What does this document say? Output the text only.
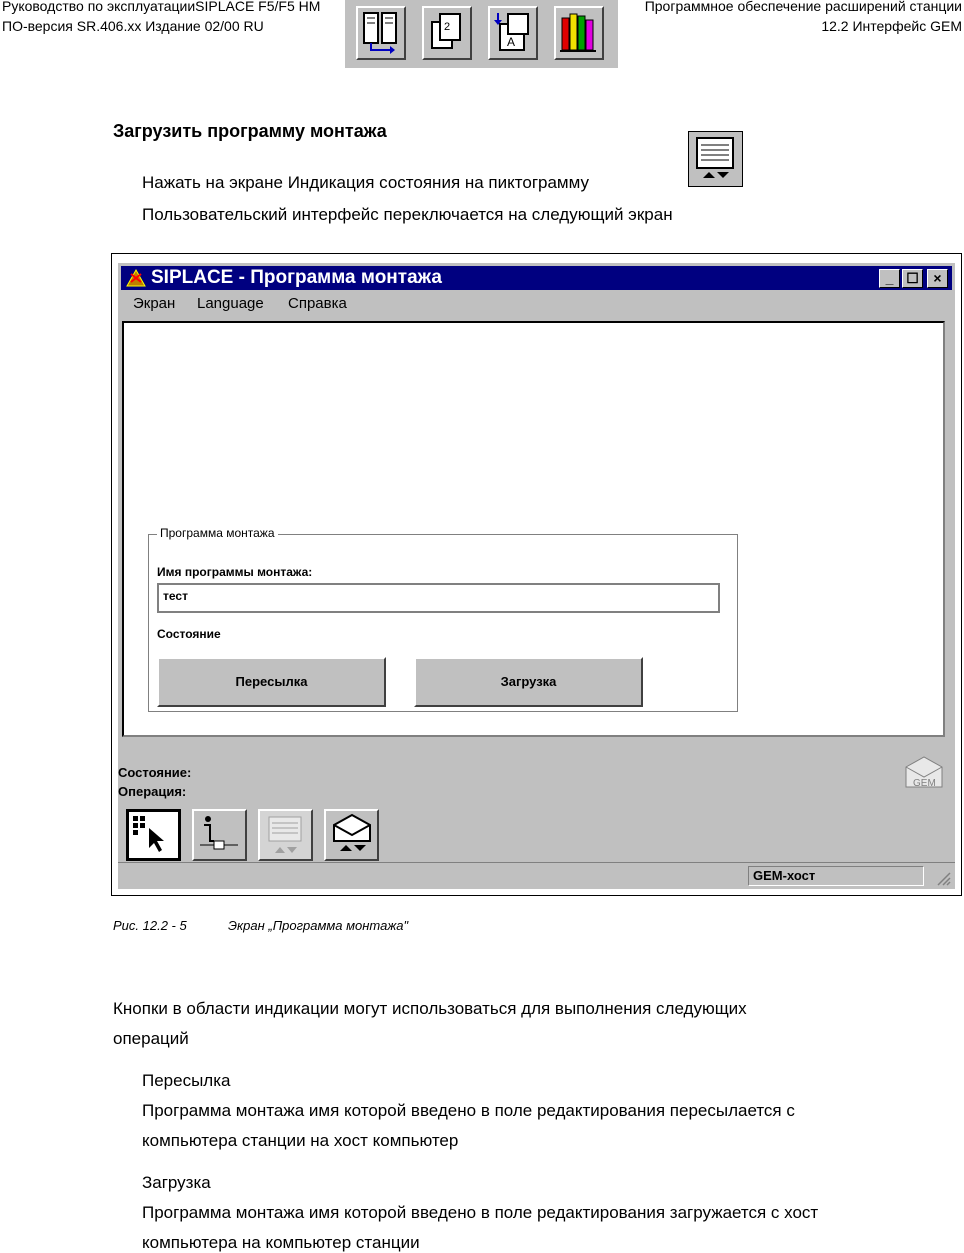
Руководство по эксплуатацииSIPLACE F5/F5 HM
ПО-версия SR.406.xx Издание 02/00 RU
Программное обеспечение расширений станции
12.2 Интерфейс GEM
2
A
Загрузить программу монтажа
Нажать на экране Индикация состояния на пиктограмму
Пользовательский интерфейс переключается на следующий экран
SIPLACE - Программа монтажа	_ ☐	×
Экран Language Справка
Программа монтажа
Имя программы монтажа:
тест
Состояние
Пересылка	Загрузка
Состояние:
Операция:
GEM
GEM-хост
Рис. 12.2 - 5	Экран „Программа монтажа"
Кнопки в области индикации могут использоваться для выполнения следующих
операций
Пересылка
Программа монтажа имя которой введено в поле редактирования пересылается с
компьютера станции на хост компьютер
Загрузка
Программа монтажа имя которой введено в поле редактирования загружается с хост
компьютера на компьютер станции
